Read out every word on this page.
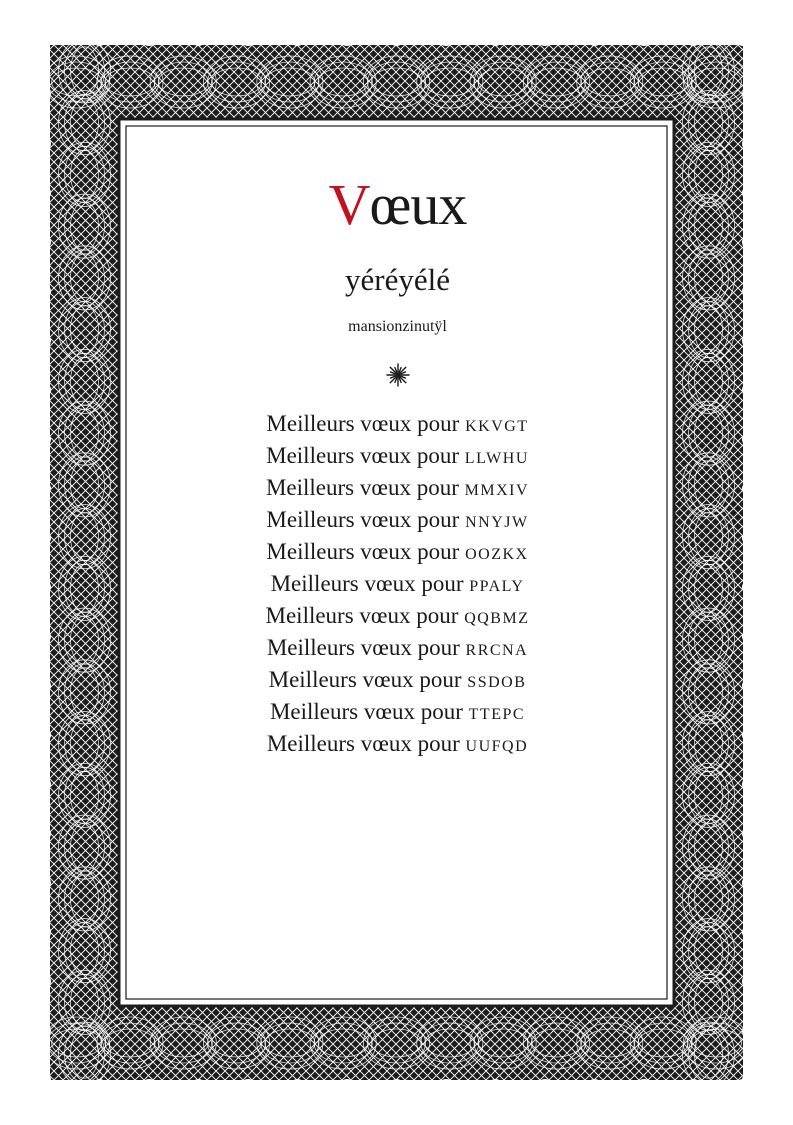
Vœux
yéréyélé
mansionzinutÿl
Meilleurs vœux pour kkvgt
Meilleurs vœux pour llwhu
Meilleurs vœux pour mmxiv
Meilleurs vœux pour nnyjw
Meilleurs vœux pour oozkx
Meilleurs vœux pour ppaly
Meilleurs vœux pour qqbmz
Meilleurs vœux pour rrcna
Meilleurs vœux pour ssdob
Meilleurs vœux pour ttepc
Meilleurs vœux pour uufqd
